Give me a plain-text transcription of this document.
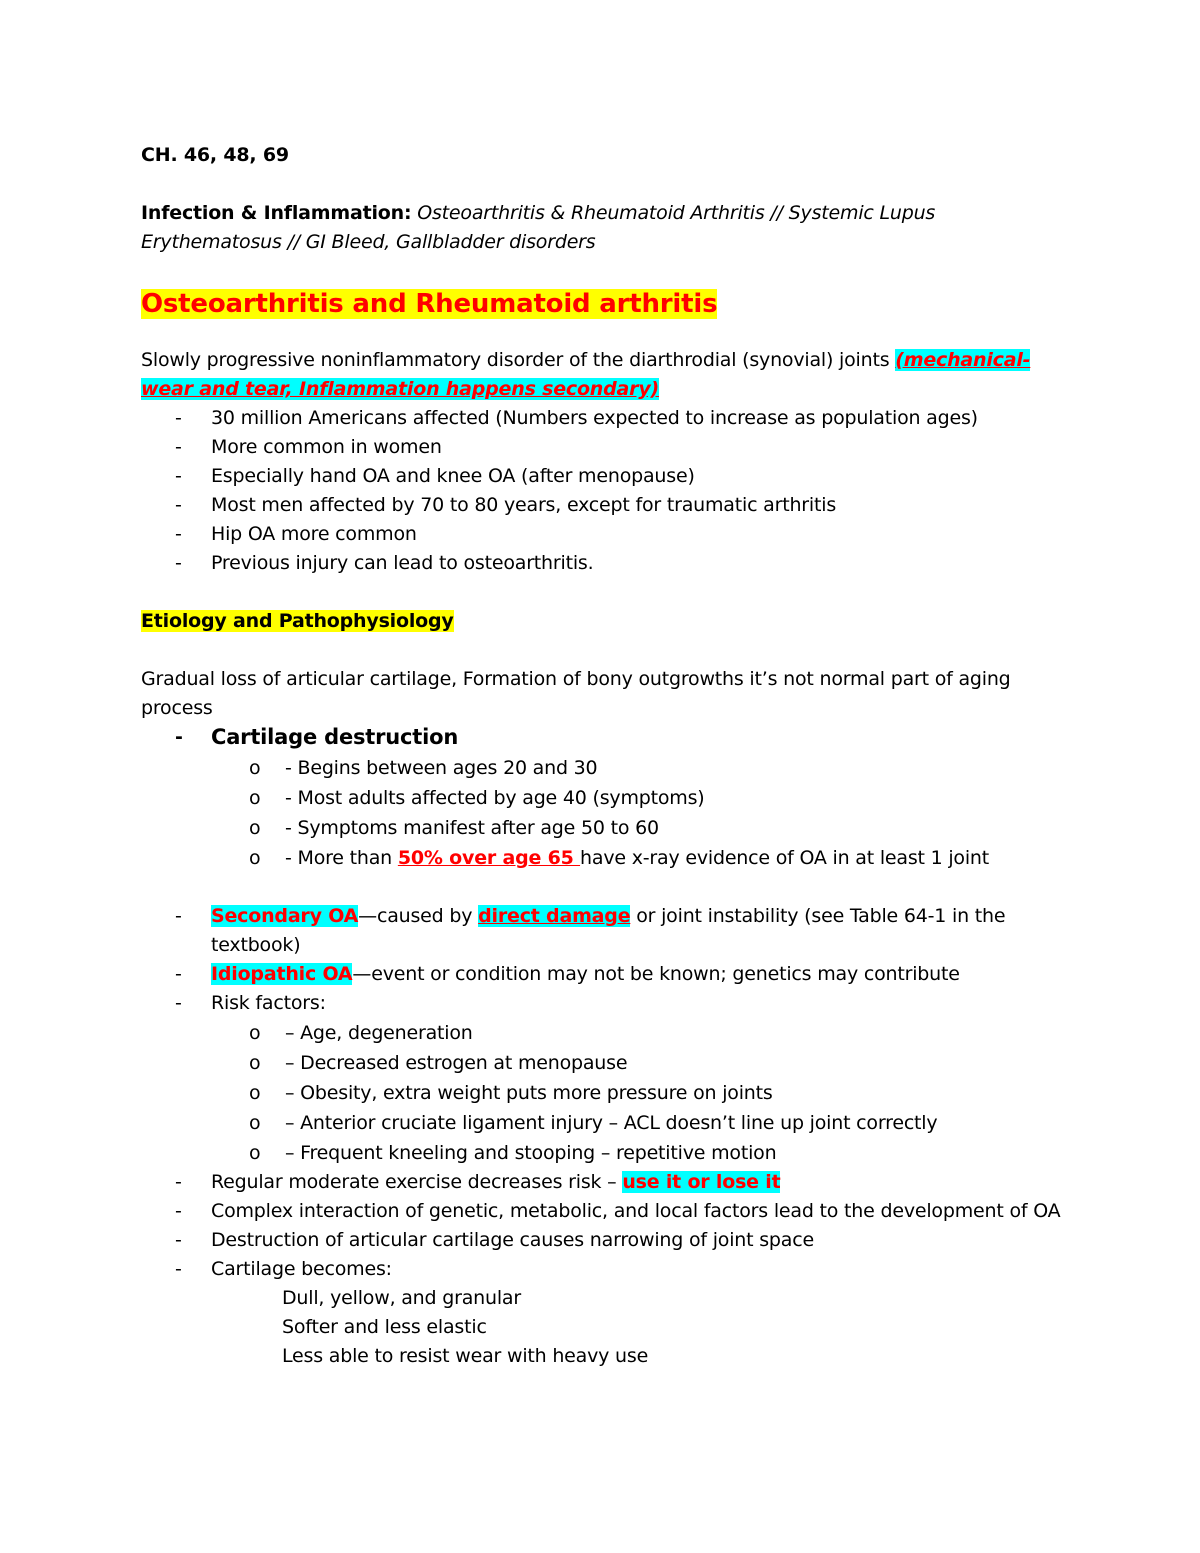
CH. 46, 48, 69

Infection & Inflammation: Osteoarthritis & Rheumatoid Arthritis // Systemic Lupus Erythematosus // GI Bleed, Gallbladder disorders

Osteoarthritis and Rheumatoid arthritis

Slowly progressive noninflammatory disorder of the diarthrodial (synovial) joints (mechanical- wear and tear, Inflammation happens secondary)

- 30 million Americans affected (Numbers expected to increase as population ages)
- More common in women
- Especially hand OA and knee OA (after menopause)
- Most men affected by 70 to 80 years, except for traumatic arthritis
- Hip OA more common
- Previous injury can lead to osteoarthritis.

Etiology and Pathophysiology

Gradual loss of articular cartilage, Formation of bony outgrowths it’s not normal part of aging process

- Cartilage destruction
o - Begins between ages 20 and 30
o - Most adults affected by age 40 (symptoms)
o - Symptoms manifest after age 50 to 60
o - More than 50% over age 65 have x-ray evidence of OA in at least 1 joint
- Secondary OA—caused by direct damage or joint instability (see Table 64-1 in the textbook)
- Idiopathic OA—event or condition may not be known; genetics may contribute
- Risk factors:
o – Age, degeneration
o – Decreased estrogen at menopause
o – Obesity, extra weight puts more pressure on joints
o – Anterior cruciate ligament injury – ACL doesn’t line up joint correctly
o – Frequent kneeling and stooping – repetitive motion
- Regular moderate exercise decreases risk – use it or lose it
- Complex interaction of genetic, metabolic, and local factors lead to the development of OA
- Destruction of articular cartilage causes narrowing of joint space
- Cartilage becomes:

Dull, yellow, and granular

Softer and less elastic

Less able to resist wear with heavy use
